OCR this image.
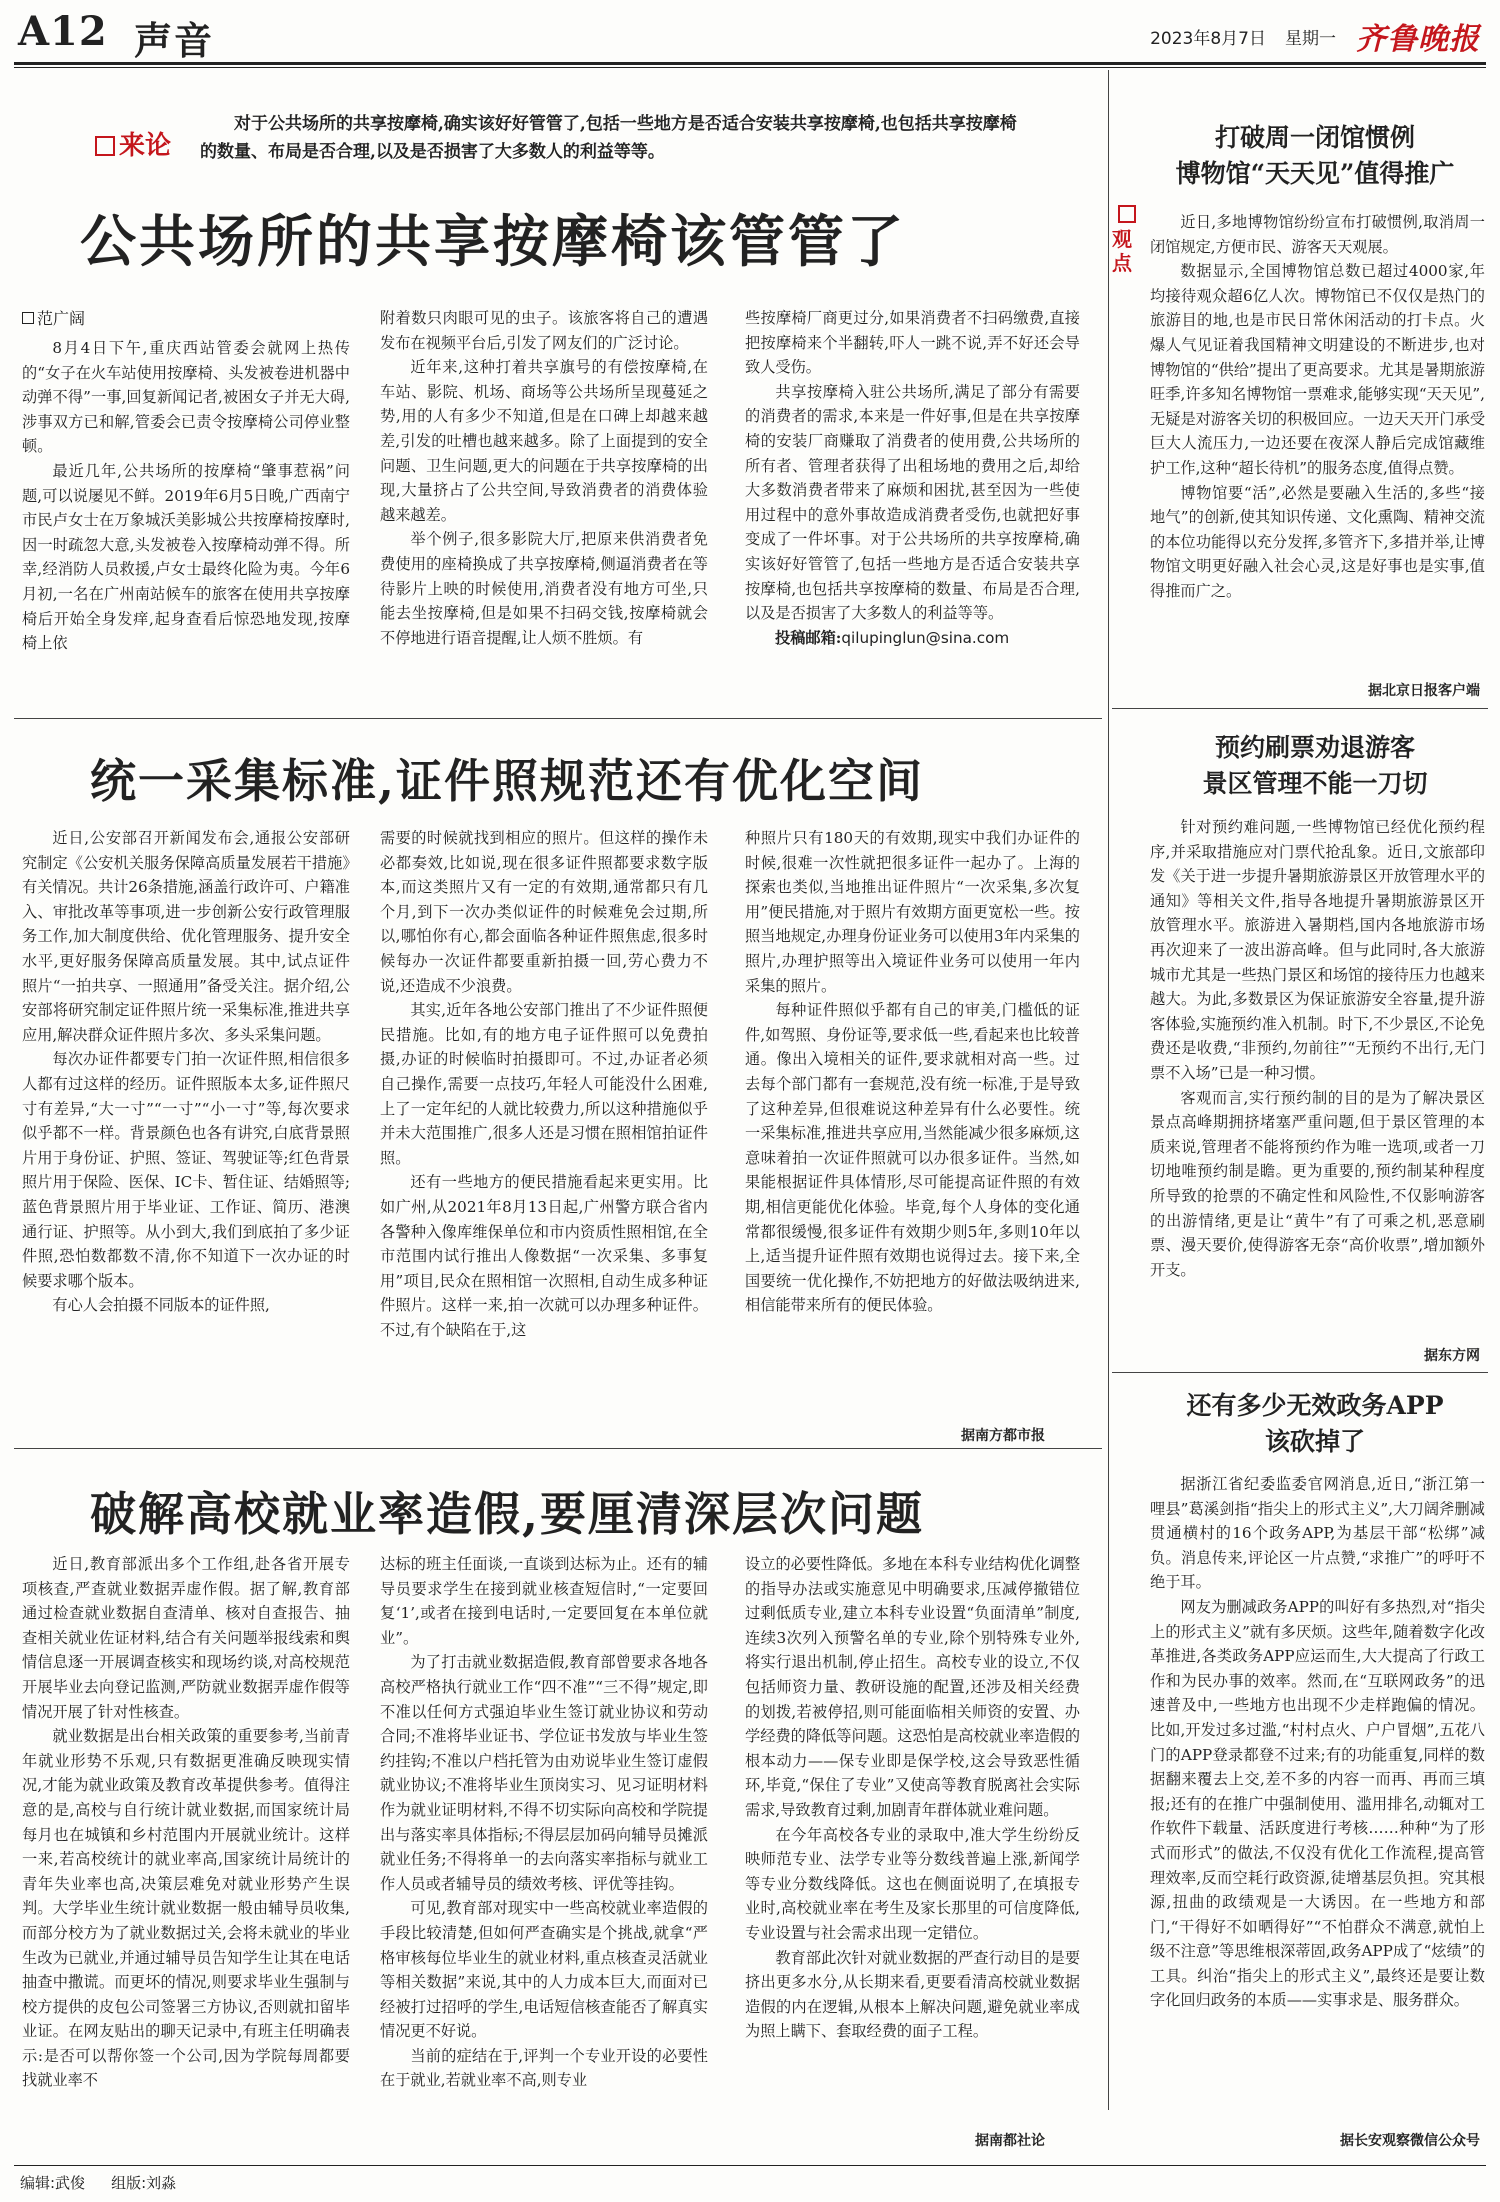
A12 声音	2023年8月7日 星期一 齐鲁晚报
来论
对于公共场所的共享按摩椅,确实该好好管管了,包括一些地方是否适合安装共享按摩椅,也包括共享按摩椅的数量、布局是否合理,以及是否损害了大多数人的利益等等。
公共场所的共享按摩椅该管管了
范广阔

8月4日下午,重庆西站管委会就网上热传的“女子在火车站使用按摩椅、头发被卷进机器中动弹不得”一事,回复新闻记者,被困女子并无大碍,涉事双方已和解,管委会已责令按摩椅公司停业整顿。

最近几年,公共场所的按摩椅“肇事惹祸”问题,可以说屡见不鲜。2019年6月5日晚,广西南宁市民卢女士在万象城沃美影城公共按摩椅按摩时,因一时疏忽大意,头发被卷入按摩椅动弹不得。所幸,经消防人员救援,卢女士最终化险为夷。今年6月初,一名在广州南站候车的旅客在使用共享按摩椅后开始全身发痒,起身查看后惊恐地发现,按摩椅上依

附着数只肉眼可见的虫子。该旅客将自己的遭遇发布在视频平台后,引发了网友们的广泛讨论。

近年来,这种打着共享旗号的有偿按摩椅,在车站、影院、机场、商场等公共场所呈现蔓延之势,用的人有多少不知道,但是在口碑上却越来越差,引发的吐槽也越来越多。除了上面提到的安全问题、卫生问题,更大的问题在于共享按摩椅的出现,大量挤占了公共空间,导致消费者的消费体验越来越差。

举个例子,很多影院大厅,把原来供消费者免费使用的座椅换成了共享按摩椅,侧逼消费者在等待影片上映的时候使用,消费者没有地方可坐,只能去坐按摩椅,但是如果不扫码交钱,按摩椅就会不停地进行语音提醒,让人烦不胜烦。有

些按摩椅厂商更过分,如果消费者不扫码缴费,直接把按摩椅来个半翻转,吓人一跳不说,弄不好还会导致人受伤。

共享按摩椅入驻公共场所,满足了部分有需要的消费者的需求,本来是一件好事,但是在共享按摩椅的安装厂商赚取了消费者的使用费,公共场所的所有者、管理者获得了出租场地的费用之后,却给大多数消费者带来了麻烦和困扰,甚至因为一些使用过程中的意外事故造成消费者受伤,也就把好事变成了一件坏事。对于公共场所的共享按摩椅,确实该好好管管了,包括一些地方是否适合安装共享按摩椅,也包括共享按摩椅的数量、布局是否合理,以及是否损害了大多数人的利益等等。

投稿邮箱:qilupinglun@sina.com

统一采集标准,证件照规范还有优化空间

近日,公安部召开新闻发布会,通报公安部研究制定《公安机关服务保障高质量发展若干措施》有关情况。共计26条措施,涵盖行政许可、户籍准入、审批改革等事项,进一步创新公安行政管理服务工作,加大制度供给、优化管理服务、提升安全水平,更好服务保障高质量发展。其中,试点证件照片“一拍共享、一照通用”备受关注。据介绍,公安部将研究制定证件照片统一采集标准,推进共享应用,解决群众证件照片多次、多头采集问题。

每次办证件都要专门拍一次证件照,相信很多人都有过这样的经历。证件照版本太多,证件照尺寸有差异,“大一寸”“一寸”“小一寸”等,每次要求似乎都不一样。背景颜色也各有讲究,白底背景照片用于身份证、护照、签证、驾驶证等;红色背景照片用于保险、医保、IC卡、暂住证、结婚照等;蓝色背景照片用于毕业证、工作证、简历、港澳通行证、护照等。从小到大,我们到底拍了多少证件照,恐怕数都数不清,你不知道下一次办证的时候要求哪个版本。

有心人会拍摄不同版本的证件照,

需要的时候就找到相应的照片。但这样的操作未必都奏效,比如说,现在很多证件照都要求数字版本,而这类照片又有一定的有效期,通常都只有几个月,到下一次办类似证件的时候难免会过期,所以,哪怕你有心,都会面临各种证件照焦虑,很多时候每办一次证件都要重新拍摄一回,劳心费力不说,还造成不少浪费。

其实,近年各地公安部门推出了不少证件照便民措施。比如,有的地方电子证件照可以免费拍摄,办证的时候临时拍摄即可。不过,办证者必须自己操作,需要一点技巧,年轻人可能没什么困难,上了一定年纪的人就比较费力,所以这种措施似乎并未大范围推广,很多人还是习惯在照相馆拍证件照。

还有一些地方的便民措施看起来更实用。比如广州,从2021年8月13日起,广州警方联合省内各警种入像库维保单位和市内资质性照相馆,在全市范围内试行推出人像数据“一次采集、多事复用”项目,民众在照相馆一次照相,自动生成多种证件照片。这样一来,拍一次就可以办理多种证件。不过,有个缺陷在于,这

种照片只有180天的有效期,现实中我们办证件的时候,很难一次性就把很多证件一起办了。上海的探索也类似,当地推出证件照片“一次采集,多次复用”便民措施,对于照片有效期方面更宽松一些。按照当地规定,办理身份证业务可以使用3年内采集的照片,办理护照等出入境证件业务可以使用一年内采集的照片。

每种证件照似乎都有自己的审美,门槛低的证件,如驾照、身份证等,要求低一些,看起来也比较普通。像出入境相关的证件,要求就相对高一些。过去每个部门都有一套规范,没有统一标准,于是导致了这种差异,但很难说这种差异有什么必要性。统一采集标准,推进共享应用,当然能减少很多麻烦,这意味着拍一次证件照就可以办很多证件。当然,如果能根据证件具体情形,尽可能提高证件照的有效期,相信更能优化体验。毕竟,每个人身体的变化通常都很缓慢,很多证件有效期少则5年,多则10年以上,适当提升证件照有效期也说得过去。接下来,全国要统一优化操作,不妨把地方的好做法吸纳进来,相信能带来所有的便民体验。

据南方都市报
破解高校就业率造假,要厘清深层次问题

近日,教育部派出多个工作组,赴各省开展专项核查,严查就业数据弄虚作假。据了解,教育部通过检查就业数据自查清单、核对自查报告、抽查相关就业佐证材料,结合有关问题举报线索和舆情信息逐一开展调查核实和现场约谈,对高校规范开展毕业去向登记监测,严防就业数据弄虚作假等情况开展了针对性核查。

就业数据是出台相关政策的重要参考,当前青年就业形势不乐观,只有数据更准确反映现实情况,才能为就业政策及教育改革提供参考。值得注意的是,高校与自行统计就业数据,而国家统计局每月也在城镇和乡村范围内开展就业统计。这样一来,若高校统计的就业率高,国家统计局统计的青年失业率也高,决策层难免对就业形势产生误判。大学毕业生统计就业数据一般由辅导员收集,而部分校方为了就业数据过关,会将未就业的毕业生改为已就业,并通过辅导员告知学生让其在电话抽查中撒谎。而更坏的情况,则要求毕业生强制与校方提供的皮包公司签署三方协议,否则就扣留毕业证。在网友贴出的聊天记录中,有班主任明确表示:是否可以帮你签一个公司,因为学院每周都要找就业率不

达标的班主任面谈,一直谈到达标为止。还有的辅导员要求学生在接到就业核查短信时,“一定要回复‘1’,或者在接到电话时,一定要回复在本单位就业”。

为了打击就业数据造假,教育部曾要求各地各高校严格执行就业工作“四不准”“三不得”规定,即不准以任何方式强迫毕业生签订就业协议和劳动合同;不准将毕业证书、学位证书发放与毕业生签约挂钩;不准以户档托管为由劝说毕业生签订虚假就业协议;不准将毕业生顶岗实习、见习证明材料作为就业证明材料,不得不切实际向高校和学院提出与落实率具体指标;不得层层加码向辅导员摊派就业任务;不得将单一的去向落实率指标与就业工作人员或者辅导员的绩效考核、评优等挂钩。

可见,教育部对现实中一些高校就业率造假的手段比较清楚,但如何严查确实是个挑战,就拿“严格审核每位毕业生的就业材料,重点核查灵活就业等相关数据”来说,其中的人力成本巨大,而面对已经被打过招呼的学生,电话短信核查能否了解真实情况更不好说。

当前的症结在于,评判一个专业开设的必要性在于就业,若就业率不高,则专业

设立的必要性降低。多地在本科专业结构优化调整的指导办法或实施意见中明确要求,压减停撤错位过剩低质专业,建立本科专业设置“负面清单”制度,连续3次列入预警名单的专业,除个别特殊专业外,将实行退出机制,停止招生。高校专业的设立,不仅包括师资力量、教研设施的配置,还涉及相关经费的划拨,若被停招,则可能面临相关师资的安置、办学经费的降低等问题。这恐怕是高校就业率造假的根本动力——保专业即是保学校,这会导致恶性循环,毕竟,“保住了专业”又使高等教育脱离社会实际需求,导致教育过剩,加剧青年群体就业难问题。

在今年高校各专业的录取中,准大学生纷纷反映师范专业、法学专业等分数线普遍上涨,新闻学等专业分数线降低。这也在侧面说明了,在填报专业时,高校就业率在考生及家长那里的可信度降低,专业设置与社会需求出现一定错位。

教育部此次针对就业数据的严查行动目的是要挤出更多水分,从长期来看,更要看清高校就业数据造假的内在逻辑,从根本上解决问题,避免就业率成为照上瞒下、套取经费的面子工程。

据南都社论
观点
打破周一闭馆惯例
博物馆“天天见”值得推广

近日,多地博物馆纷纷宣布打破惯例,取消周一闭馆规定,方便市民、游客天天观展。

数据显示,全国博物馆总数已超过4000家,年均接待观众超6亿人次。博物馆已不仅仅是热门的旅游目的地,也是市民日常休闲活动的打卡点。火爆人气见证着我国精神文明建设的不断进步,也对博物馆的“供给”提出了更高要求。尤其是暑期旅游旺季,许多知名博物馆一票难求,能够实现“天天见”,无疑是对游客关切的积极回应。一边天天开门承受巨大人流压力,一边还要在夜深人静后完成馆藏维护工作,这种“超长待机”的服务态度,值得点赞。

博物馆要“活”,必然是要融入生活的,多些“接地气”的创新,使其知识传递、文化熏陶、精神交流的本位功能得以充分发挥,多管齐下,多措并举,让博物馆文明更好融入社会心灵,这是好事也是实事,值得推而广之。

据北京日报客户端
预约刷票劝退游客
景区管理不能一刀切

针对预约难问题,一些博物馆已经优化预约程序,并采取措施应对门票代抢乱象。近日,文旅部印发《关于进一步提升暑期旅游景区开放管理水平的通知》等相关文件,指导各地提升暑期旅游景区开放管理水平。旅游进入暑期档,国内各地旅游市场再次迎来了一波出游高峰。但与此同时,各大旅游城市尤其是一些热门景区和场馆的接待压力也越来越大。为此,多数景区为保证旅游安全容量,提升游客体验,实施预约准入机制。时下,不少景区,不论免费还是收费,“非预约,勿前往”“无预约不出行,无门票不入场”已是一种习惯。

客观而言,实行预约制的目的是为了解决景区景点高峰期拥挤堵塞严重问题,但于景区管理的本质来说,管理者不能将预约作为唯一选项,或者一刀切地唯预约制是瞻。更为重要的,预约制某种程度所导致的抢票的不确定性和风险性,不仅影响游客的出游情绪,更是让“黄牛”有了可乘之机,恶意刷票、漫天要价,使得游客无奈“高价收票”,增加额外开支。

据东方网
还有多少无效政务APP
该砍掉了

据浙江省纪委监委官网消息,近日,“浙江第一哩县”葛溪剑指“指尖上的形式主义”,大刀阔斧删减贯通横村的16个政务APP,为基层干部“松绑”减负。消息传来,评论区一片点赞,“求推广”的呼吁不绝于耳。

网友为删减政务APP的叫好有多热烈,对“指尖上的形式主义”就有多厌烦。这些年,随着数字化改革推进,各类政务APP应运而生,大大提高了行政工作和为民办事的效率。然而,在“互联网政务”的迅速普及中,一些地方也出现不少走样跑偏的情况。比如,开发过多过滥,“村村点火、户户冒烟”,五花八门的APP登录都登不过来;有的功能重复,同样的数据翻来覆去上交,差不多的内容一而再、再而三填报;还有的在推广中强制使用、滥用排名,动辄对工作软件下载量、活跃度进行考核……种种“为了形式而形式”的做法,不仅没有优化工作流程,提高管理效率,反而空耗行政资源,徒增基层负担。究其根源,扭曲的政绩观是一大诱因。在一些地方和部门,“干得好不如晒得好”“不怕群众不满意,就怕上级不注意”等思维根深蒂固,政务APP成了“炫绩”的工具。纠治“指尖上的形式主义”,最终还是要让数字化回归政务的本质——实事求是、服务群众。

据长安观察微信公众号
编辑:武俊 组版:刘淼
